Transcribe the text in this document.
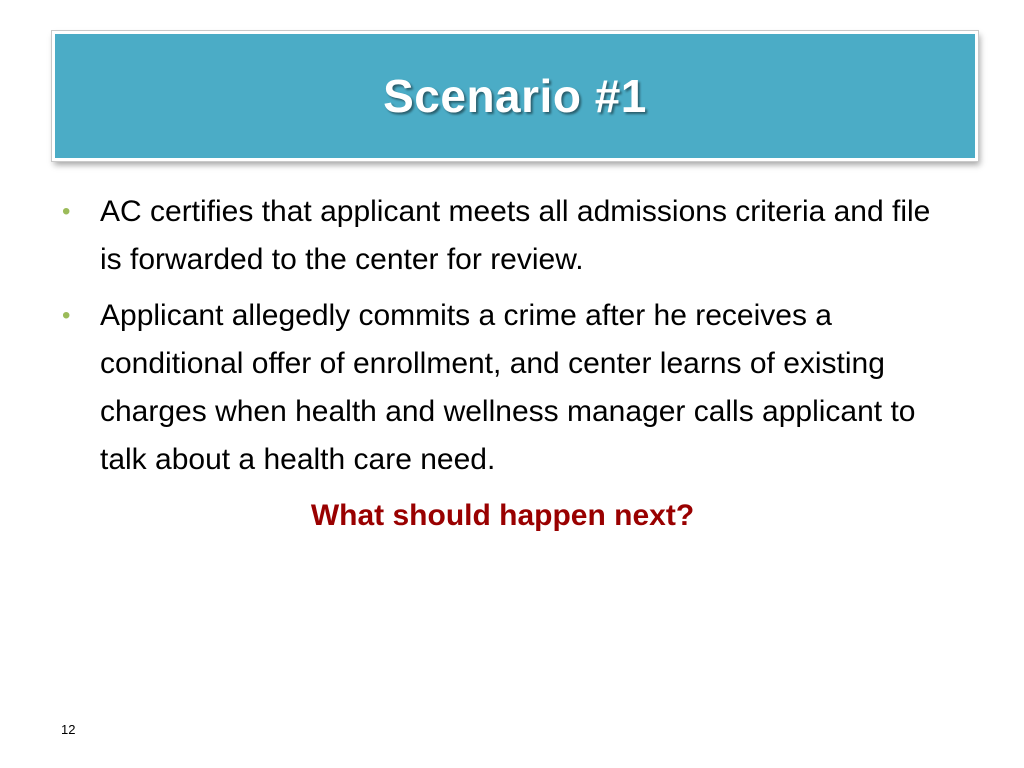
Scenario #1
• AC certifies that applicant meets all admissions criteria and file is forwarded to the center for review.
• Applicant allegedly commits a crime after he receives a conditional offer of enrollment, and center learns of existing charges when health and wellness manager calls applicant to talk about a health care need.
What should happen next?
12
